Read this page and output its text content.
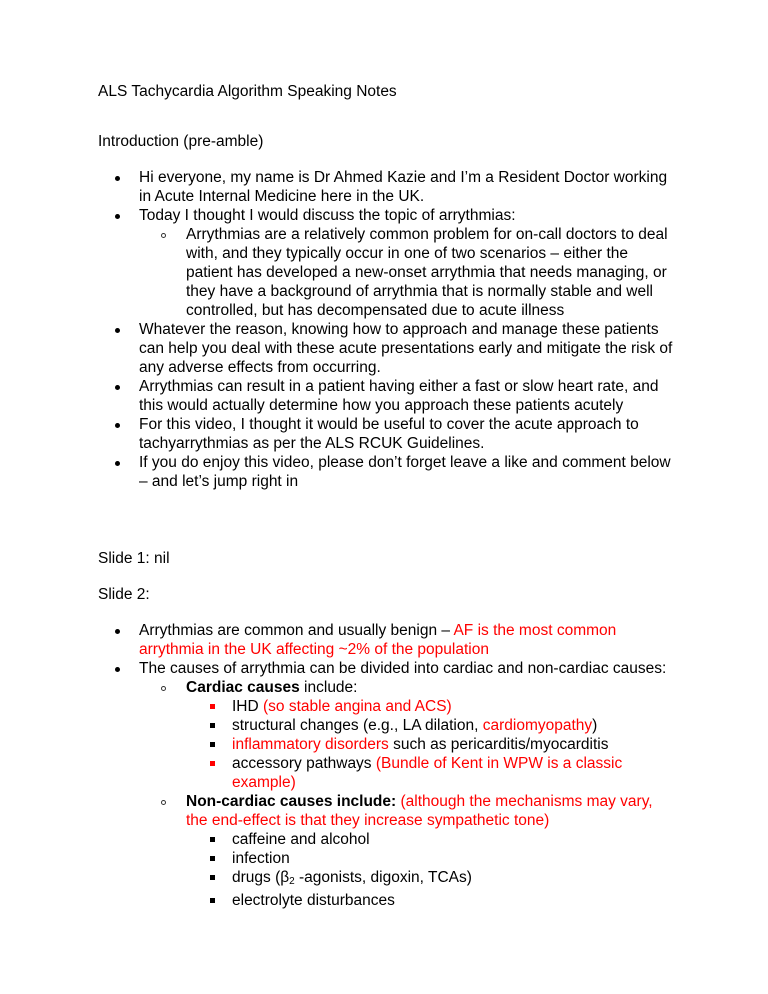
ALS Tachycardia Algorithm Speaking Notes

Introduction (pre-amble)

Hi everyone, my name is Dr Ahmed Kazie and I’m a Resident Doctor working in Acute Internal Medicine here in the UK.
Today I thought I would discuss the topic of arrythmias:
Arrythmias are a relatively common problem for on-call doctors to deal with, and they typically occur in one of two scenarios – either the patient has developed a new-onset arrythmia that needs managing, or they have a background of arrythmia that is normally stable and well controlled, but has decompensated due to acute illness
Whatever the reason, knowing how to approach and manage these patients can help you deal with these acute presentations early and mitigate the risk of any adverse effects from occurring.
Arrythmias can result in a patient having either a fast or slow heart rate, and this would actually determine how you approach these patients acutely
For this video, I thought it would be useful to cover the acute approach to tachyarrythmias as per the ALS RCUK Guidelines.
If you do enjoy this video, please don’t forget leave a like and comment below – and let’s jump right in

Slide 1: nil

Slide 2:

Arrythmias are common and usually benign – AF is the most common arrythmia in the UK affecting ~2% of the population
The causes of arrythmia can be divided into cardiac and non-cardiac causes:
Cardiac causes include:
IHD (so stable angina and ACS)
structural changes (e.g., LA dilation, cardiomyopathy)
inflammatory disorders such as pericarditis/myocarditis
accessory pathways (Bundle of Kent in WPW is a classic example)
Non-cardiac causes include: (although the mechanisms may vary, the end-effect is that they increase sympathetic tone)
caffeine and alcohol
infection
drugs ($\beta_2$ -agonists, digoxin, TCAs)
electrolyte disturbances
